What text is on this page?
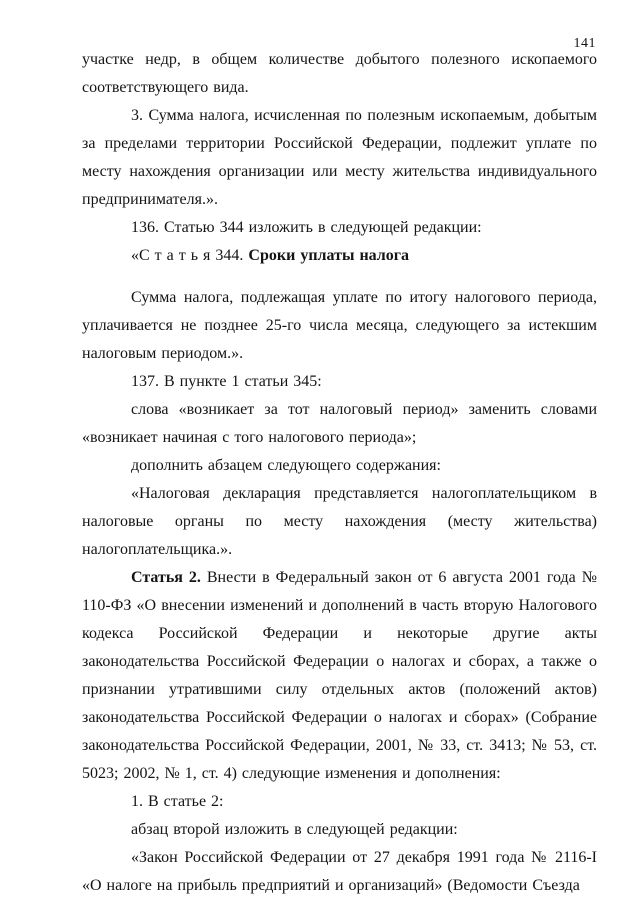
141

участке недр, в общем количестве добытого полезного ископаемого соответствующего вида.

3. Сумма налога, исчисленная по полезным ископаемым, добытым за пределами территории Российской Федерации, подлежит уплате по месту нахождения организации или месту жительства индивидуального предпринимателя.».

136. Статью 344 изложить в следующей редакции:

«С т а т ь я 344. Сроки уплаты налога

Сумма налога, подлежащая уплате по итогу налогового периода, уплачивается не позднее 25-го числа месяца, следующего за истекшим налоговым периодом.».

137. В пункте 1 статьи 345:

слова «возникает за тот налоговый период» заменить словами «возникает начиная с того налогового периода»;

дополнить абзацем следующего содержания:

«Налоговая декларация представляется налогоплательщиком в налоговые органы по месту нахождения (месту жительства) налогоплательщика.».

Статья 2. Внести в Федеральный закон от 6 августа 2001 года № 110-ФЗ «О внесении изменений и дополнений в часть вторую Налогового кодекса Российской Федерации и некоторые другие акты законодательства Российской Федерации о налогах и сборах, а также о признании утратившими силу отдельных актов (положений актов) законодательства Российской Федерации о налогах и сборах» (Собрание законодательства Российской Федерации, 2001, № 33, ст. 3413; № 53, ст. 5023; 2002, № 1, ст. 4) следующие изменения и дополнения:

1. В статье 2:

абзац второй изложить в следующей редакции:

«Закон Российской Федерации от 27 декабря 1991 года № 2116-I «О налоге на прибыль предприятий и организаций» (Ведомости Съезда
